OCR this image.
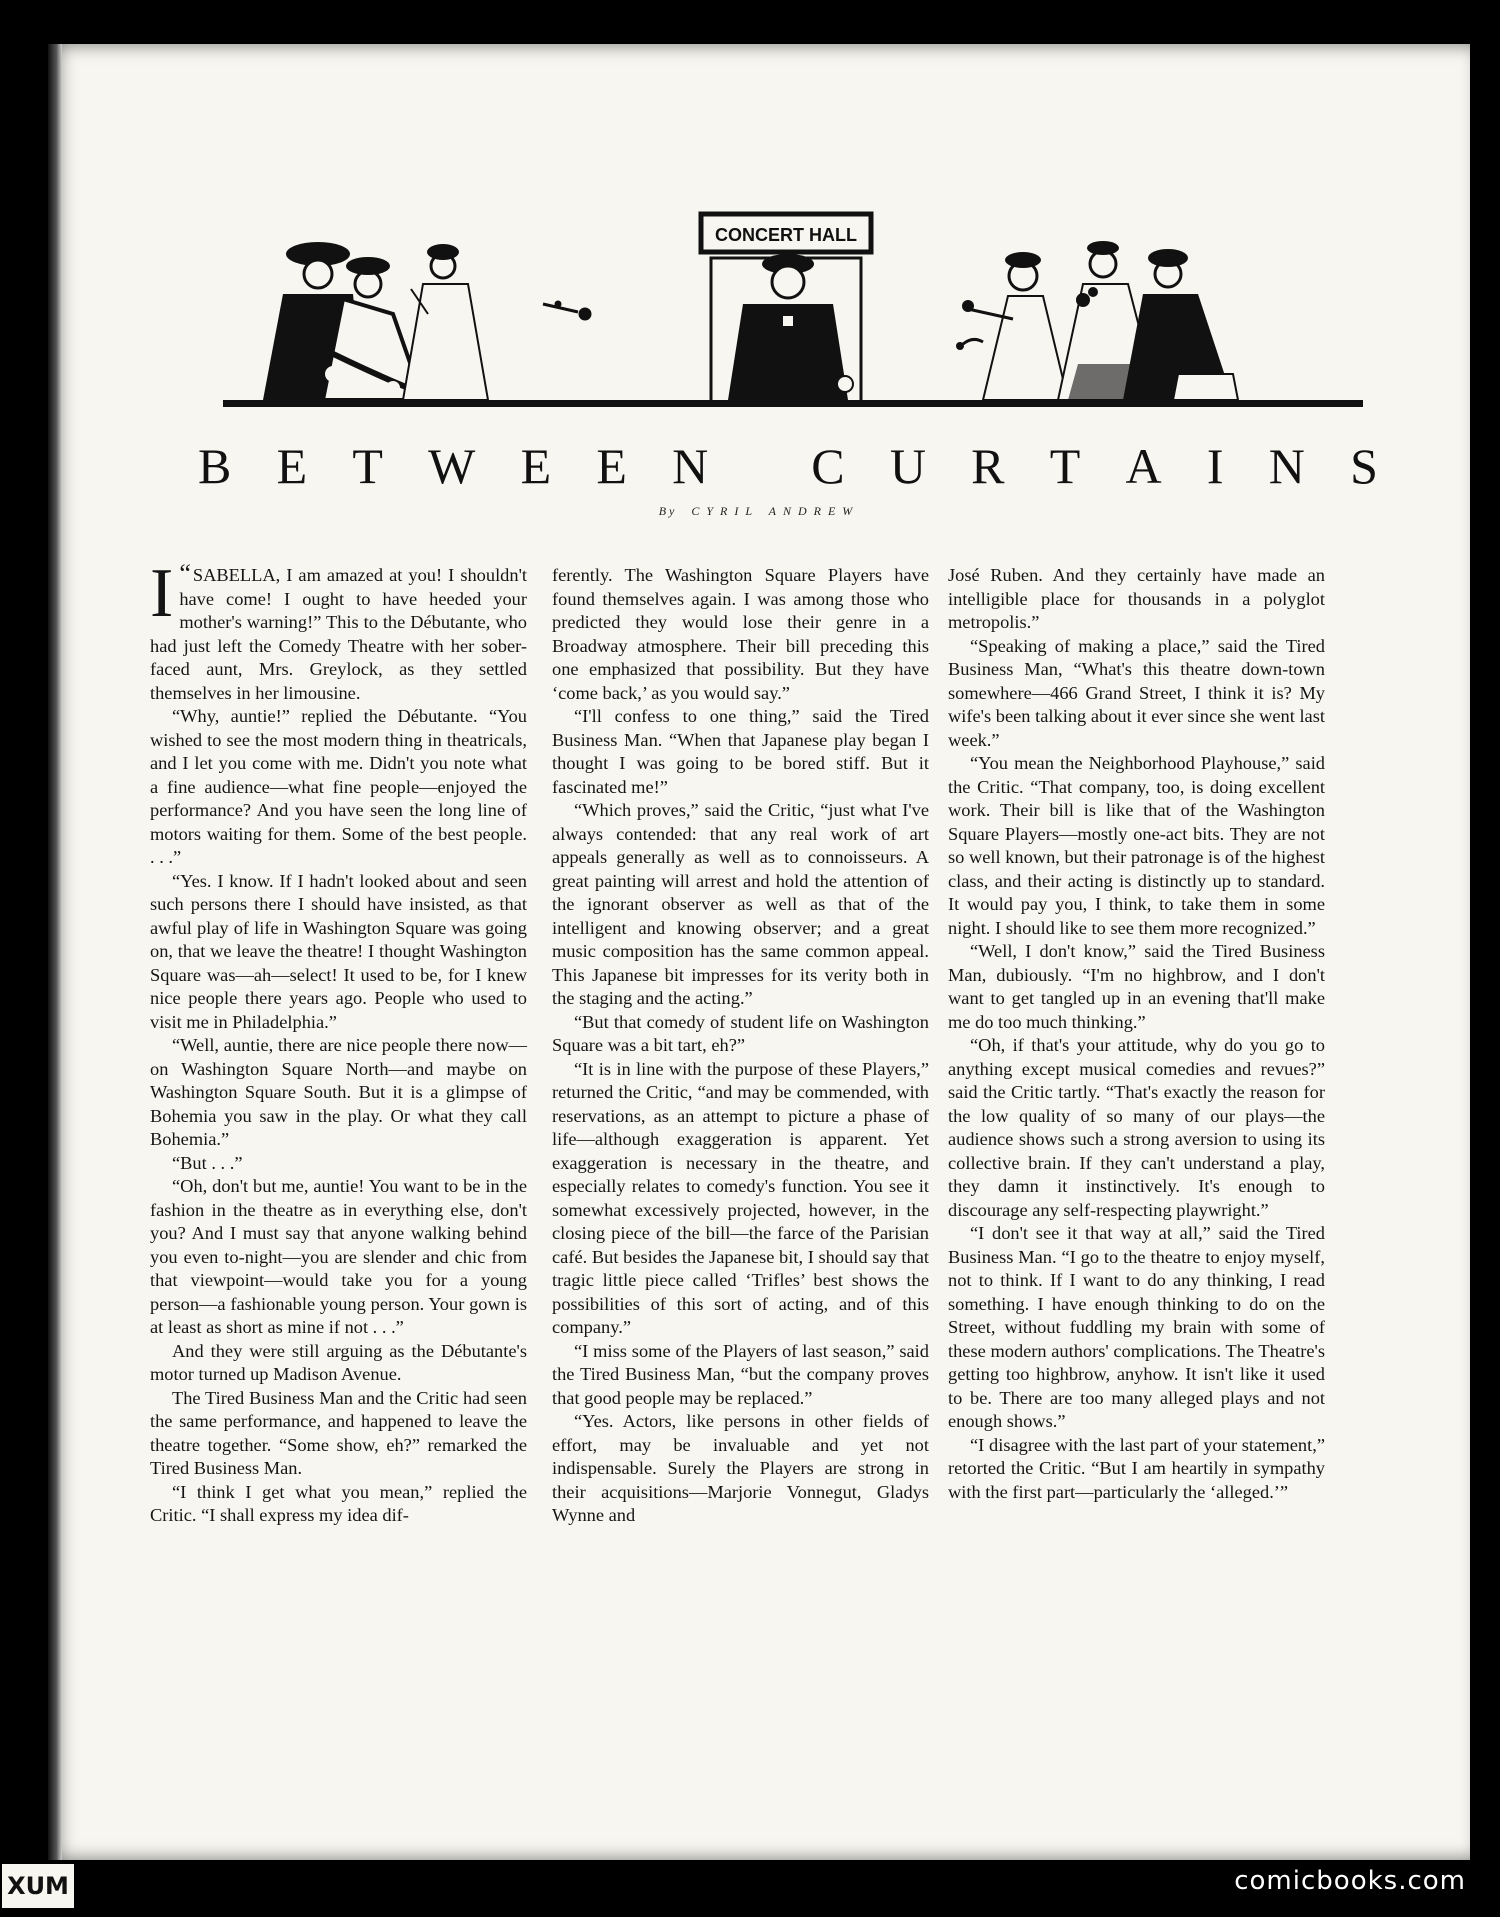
CONCERT HALL
B E T W E E N
C U R T A I N S
By CYRIL ANDREW

“
I SABELLA, I am amazed at you! I shouldn't have come! I ought to have heeded your mother's warning!” This to the Débutante, who had just left the Comedy Theatre with her sober-faced aunt, Mrs. Greylock, as they settled themselves in her limousine.

“Why, auntie!” replied the Débutante. “You wished to see the most modern thing in theatricals, and I let you come with me. Didn't you note what a fine audience—what fine people—enjoyed the performance? And you have seen the long line of motors waiting for them. Some of the best people. . . .”

“Yes. I know. If I hadn't looked about and seen such persons there I should have insisted, as that awful play of life in Washington Square was going on, that we leave the theatre! I thought Washington Square was—ah—select! It used to be, for I knew nice people there years ago. People who used to visit me in Philadelphia.”

“Well, auntie, there are nice people there now—on Washington Square North—and maybe on Washington Square South. But it is a glimpse of Bohemia you saw in the play. Or what they call Bohemia.”

“But . . .”

“Oh, don't but me, auntie! You want to be in the fashion in the theatre as in everything else, don't you? And I must say that anyone walking behind you even to-night—you are slender and chic from that viewpoint—would take you for a young person—a fashionable young person. Your gown is at least as short as mine if not . . .”

And they were still arguing as the Débutante's motor turned up Madison Avenue.

The Tired Business Man and the Critic had seen the same performance, and happened to leave the theatre together. “Some show, eh?” remarked the Tired Business Man.

“I think I get what you mean,” replied the Critic. “I shall express my idea dif-

ferently. The Washington Square Players have found themselves again. I was among those who predicted they would lose their genre in a Broadway atmosphere. Their bill preceding this one emphasized that possibility. But they have ‘come back,’ as you would say.”

“I'll confess to one thing,” said the Tired Business Man. “When that Japanese play began I thought I was going to be bored stiff. But it fascinated me!”

“Which proves,” said the Critic, “just what I've always contended: that any real work of art appeals generally as well as to connoisseurs. A great painting will arrest and hold the attention of the ignorant observer as well as that of the intelligent and knowing observer; and a great music composition has the same common appeal. This Japanese bit impresses for its verity both in the staging and the acting.”

“But that comedy of student life on Washington Square was a bit tart, eh?”

“It is in line with the purpose of these Players,” returned the Critic, “and may be commended, with reservations, as an attempt to picture a phase of life—although exaggeration is apparent. Yet exaggeration is necessary in the theatre, and especially relates to comedy's function. You see it somewhat excessively projected, however, in the closing piece of the bill—the farce of the Parisian café. But besides the Japanese bit, I should say that tragic little piece called ‘Trifles’ best shows the possibilities of this sort of acting, and of this company.”

“I miss some of the Players of last season,” said the Tired Business Man, “but the company proves that good people may be replaced.”

“Yes. Actors, like persons in other fields of effort, may be invaluable and yet not indispensable. Surely the Players are strong in their acquisitions—Marjorie Vonnegut, Gladys Wynne and

José Ruben. And they certainly have made an intelligible place for thousands in a polyglot metropolis.”

“Speaking of making a place,” said the Tired Business Man, “What's this theatre down-town somewhere—466 Grand Street, I think it is? My wife's been talking about it ever since she went last week.”

“You mean the Neighborhood Playhouse,” said the Critic. “That company, too, is doing excellent work. Their bill is like that of the Washington Square Players—mostly one-act bits. They are not so well known, but their patronage is of the highest class, and their acting is distinctly up to standard. It would pay you, I think, to take them in some night. I should like to see them more recognized.”

“Well, I don't know,” said the Tired Business Man, dubiously. “I'm no highbrow, and I don't want to get tangled up in an evening that'll make me do too much thinking.”

“Oh, if that's your attitude, why do you go to anything except musical comedies and revues?” said the Critic tartly. “That's exactly the reason for the low quality of so many of our plays—the audience shows such a strong aversion to using its collective brain. If they can't understand a play, they damn it instinctively. It's enough to discourage any self-respecting playwright.”

“I don't see it that way at all,” said the Tired Business Man. “I go to the theatre to enjoy myself, not to think. If I want to do any thinking, I read something. I have enough thinking to do on the Street, without fuddling my brain with some of these modern authors' complications. The Theatre's getting too highbrow, anyhow. It isn't like it used to be. There are too many alleged plays and not enough shows.”

“I disagree with the last part of your statement,” retorted the Critic. “But I am heartily in sympathy with the first part—particularly the ‘alleged.’”

XUM	comicbooks.com
